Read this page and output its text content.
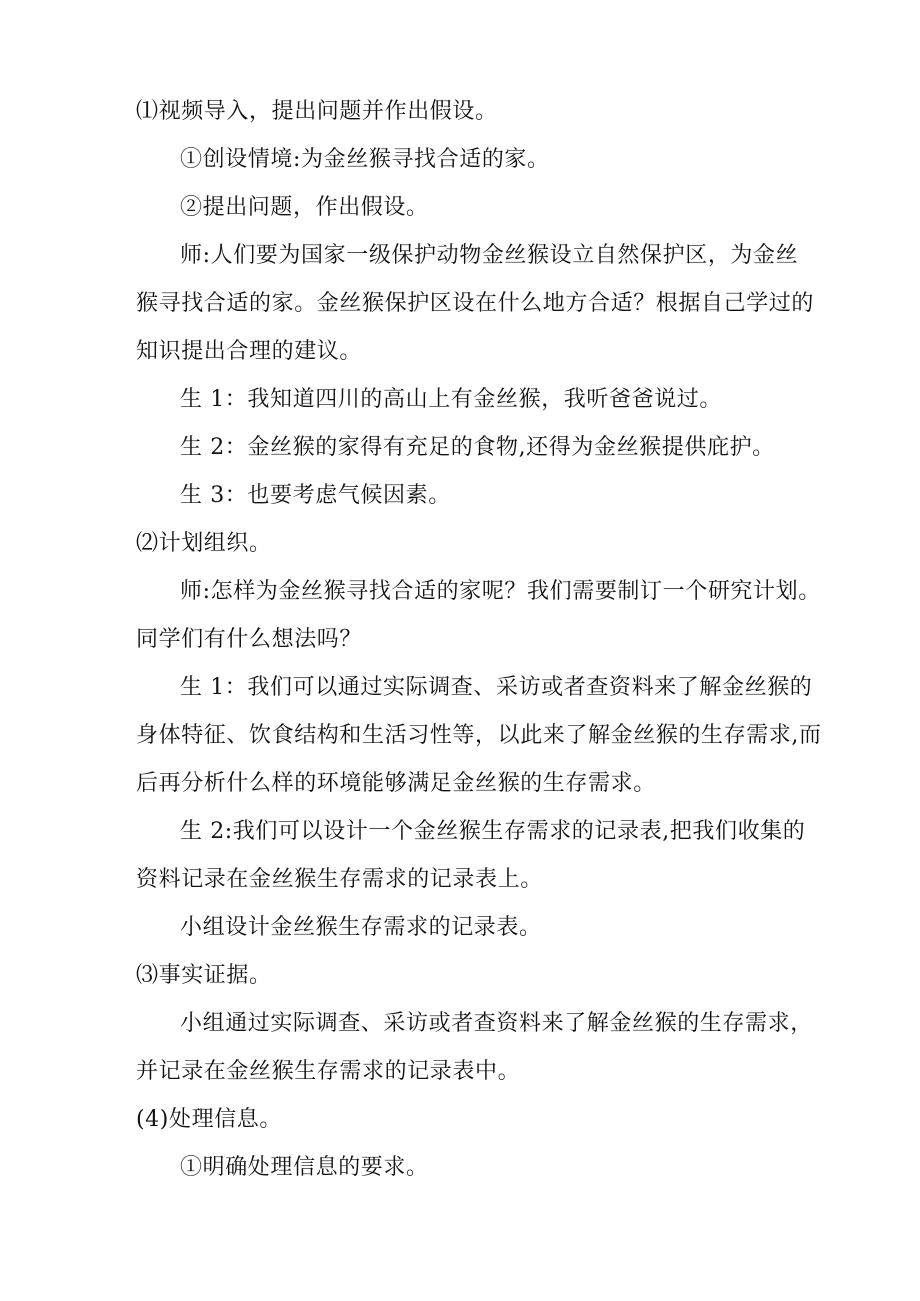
⑴视频导入，提出问题并作出假设。
①创设情境:为金丝猴寻找合适的家。
②提出问题，作出假设。
师:人们要为国家一级保护动物金丝猴设立自然保护区，为金丝
猴寻找合适的家。金丝猴保护区设在什么地方合适？根据自己学过的
知识提出合理的建议。
生 1：我知道四川的高山上有金丝猴，我听爸爸说过。
生 2：金丝猴的家得有充足的食物,还得为金丝猴提供庇护。
生 3：也要考虑气候因素。
⑵计划组织。
师:怎样为金丝猴寻找合适的家呢？我们需要制订一个研究计划。
同学们有什么想法吗？
生 1：我们可以通过实际调查、采访或者查资料来了解金丝猴的
身体特征、饮食结构和生活习性等，以此来了解金丝猴的生存需求,而
后再分析什么样的环境能够满足金丝猴的生存需求。
生 2:我们可以设计一个金丝猴生存需求的记录表,把我们收集的
资料记录在金丝猴生存需求的记录表上。
小组设计金丝猴生存需求的记录表。
⑶事实证据。
小组通过实际调查、采访或者查资料来了解金丝猴的生存需求，
并记录在金丝猴生存需求的记录表中。
(4)处理信息。
①明确处理信息的要求。
